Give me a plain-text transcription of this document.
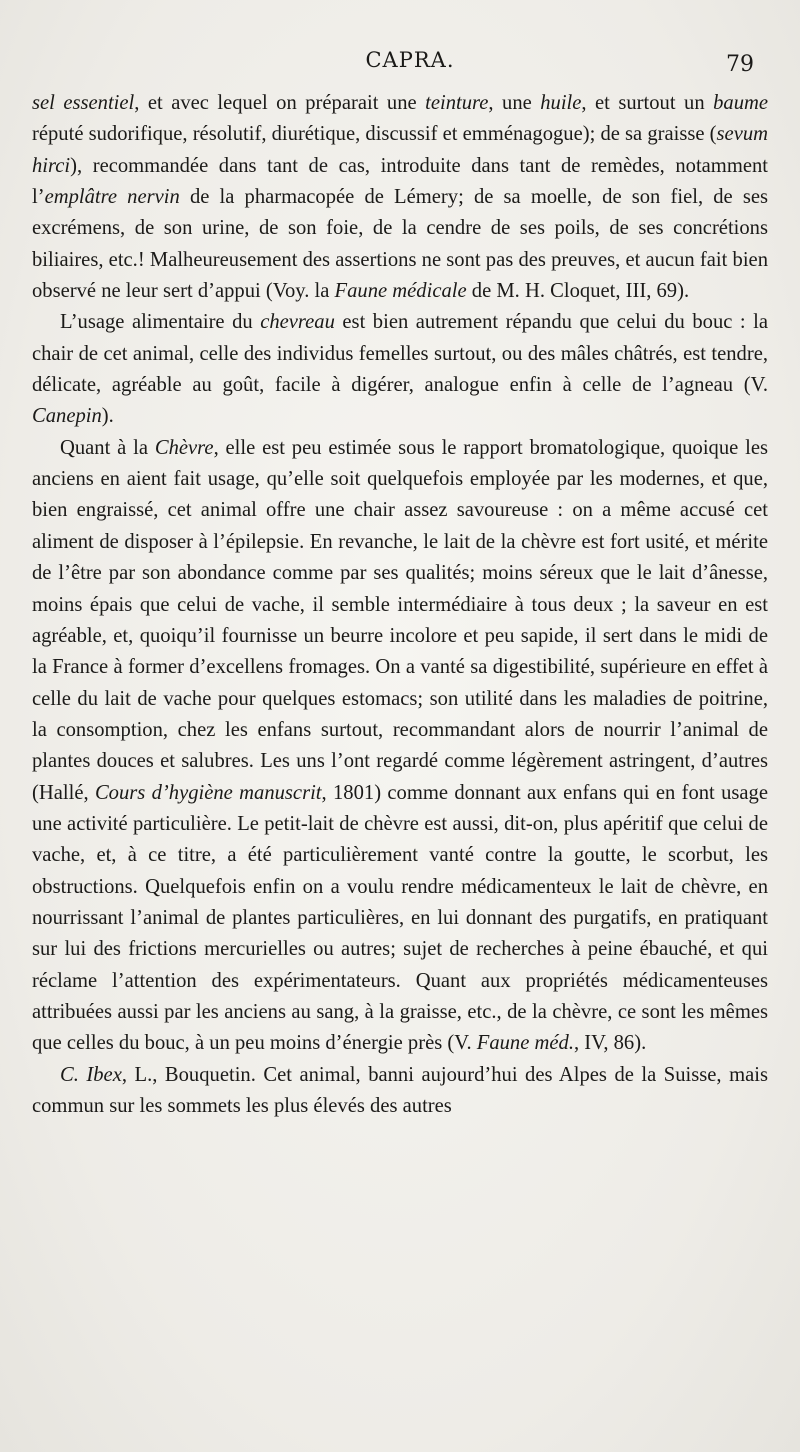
CAPRA.	79

sel essentiel, et avec lequel on préparait une teinture, une huile, et surtout un baume réputé sudorifique, résolutif, diurétique, discussif et emménagogue); de sa graisse (sevum hirci), recommandée dans tant de cas, introduite dans tant de remèdes, notamment l’emplâtre nervin de la pharmacopée de Lémery; de sa moelle, de son fiel, de ses excrémens, de son urine, de son foie, de la cendre de ses poils, de ses concrétions biliaires, etc.! Malheureusement des assertions ne sont pas des preuves, et aucun fait bien observé ne leur sert d’appui (Voy. la Faune médicale de M. H. Cloquet, III, 69).

L’usage alimentaire du chevreau est bien autrement répandu que celui du bouc : la chair de cet animal, celle des individus femelles surtout, ou des mâles châtrés, est tendre, délicate, agréable au goût, facile à digérer, analogue enfin à celle de l’agneau (V. Canepin).

Quant à la Chèvre, elle est peu estimée sous le rapport bromatologique, quoique les anciens en aient fait usage, qu’elle soit quelquefois employée par les modernes, et que, bien engraissé, cet animal offre une chair assez savoureuse : on a même accusé cet aliment de disposer à l’épilepsie. En revanche, le lait de la chèvre est fort usité, et mérite de l’être par son abondance comme par ses qualités; moins séreux que le lait d’ânesse, moins épais que celui de vache, il semble intermédiaire à tous deux ; la saveur en est agréable, et, quoiqu’il fournisse un beurre incolore et peu sapide, il sert dans le midi de la France à former d’excellens fromages. On a vanté sa digestibilité, supérieure en effet à celle du lait de vache pour quelques estomacs; son utilité dans les maladies de poitrine, la consomption, chez les enfans surtout, recommandant alors de nourrir l’animal de plantes douces et salubres. Les uns l’ont regardé comme légèrement astringent, d’autres (Hallé, Cours d’hygiène manuscrit, 1801) comme donnant aux enfans qui en font usage une activité particulière. Le petit-lait de chèvre est aussi, dit-on, plus apéritif que celui de vache, et, à ce titre, a été particulièrement vanté contre la goutte, le scorbut, les obstructions. Quelquefois enfin on a voulu rendre médicamenteux le lait de chèvre, en nourrissant l’animal de plantes particulières, en lui donnant des purgatifs, en pratiquant sur lui des frictions mercurielles ou autres; sujet de recherches à peine ébauché, et qui réclame l’attention des expérimentateurs. Quant aux propriétés médicamenteuses attribuées aussi par les anciens au sang, à la graisse, etc., de la chèvre, ce sont les mêmes que celles du bouc, à un peu moins d’énergie près (V. Faune méd., IV, 86).

C. Ibex, L., Bouquetin. Cet animal, banni aujourd’hui des Alpes de la Suisse, mais commun sur les sommets les plus élevés des autres
